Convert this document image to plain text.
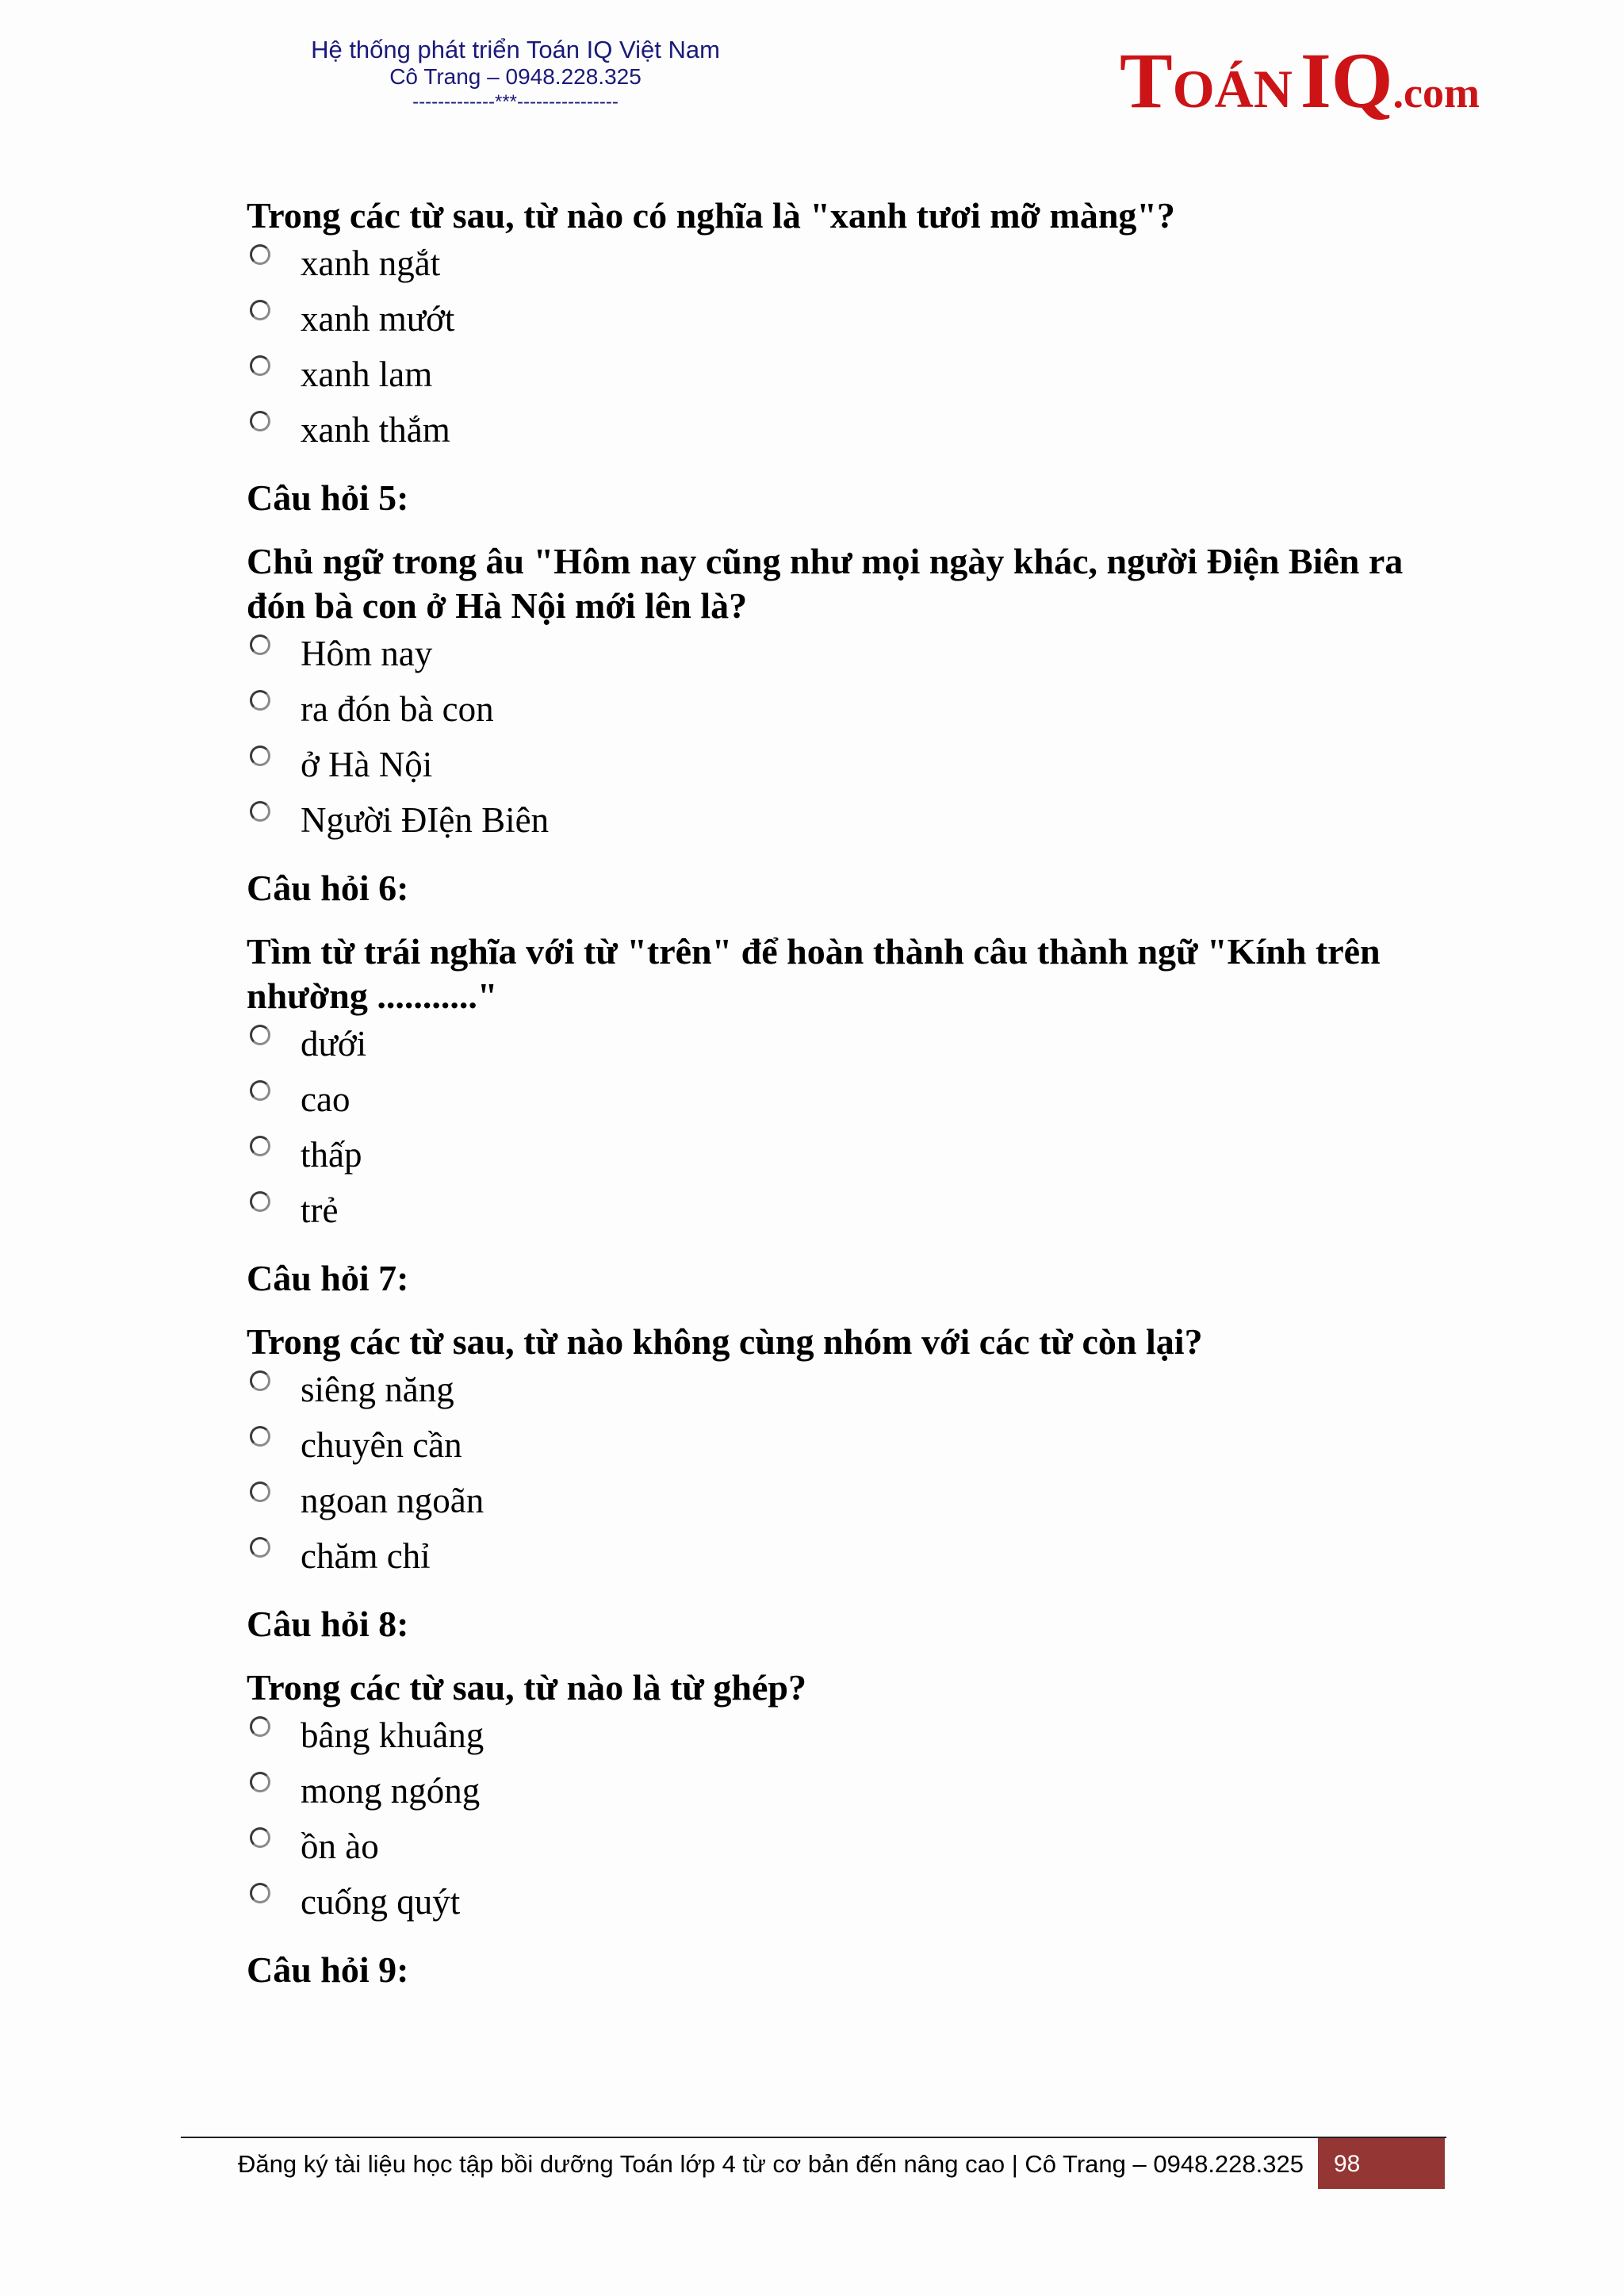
Hệ thống phát triển Toán IQ Việt Nam
Cô Trang – 0948.228.325
-------------***----------------	TOÁN IQ.com
Trong các từ sau, từ nào có nghĩa là "xanh tươi mỡ màng"?
xanh ngắt
xanh mướt
xanh lam
xanh thắm
Câu hỏi 5:
Chủ ngữ trong âu "Hôm nay cũng như mọi ngày khác, người Điện Biên ra đón bà con ở Hà Nội mới lên là?
Hôm nay
ra đón bà con
ở Hà Nội
Người ĐIện Biên
Câu hỏi 6:
Tìm từ trái nghĩa với từ "trên" để hoàn thành câu thành ngữ "Kính trên nhường ..........."
dưới
cao
thấp
trẻ
Câu hỏi 7:
Trong các từ sau, từ nào không cùng nhóm với các từ còn lại?
siêng năng
chuyên cần
ngoan ngoãn
chăm chỉ
Câu hỏi 8:
Trong các từ sau, từ nào là từ ghép?
bâng khuâng
mong ngóng
ồn ào
cuống quýt
Câu hỏi 9:
Đăng ký tài liệu học tập bồi dưỡng Toán lớp 4 từ cơ bản đến nâng cao | Cô Trang – 0948.228.325 98
